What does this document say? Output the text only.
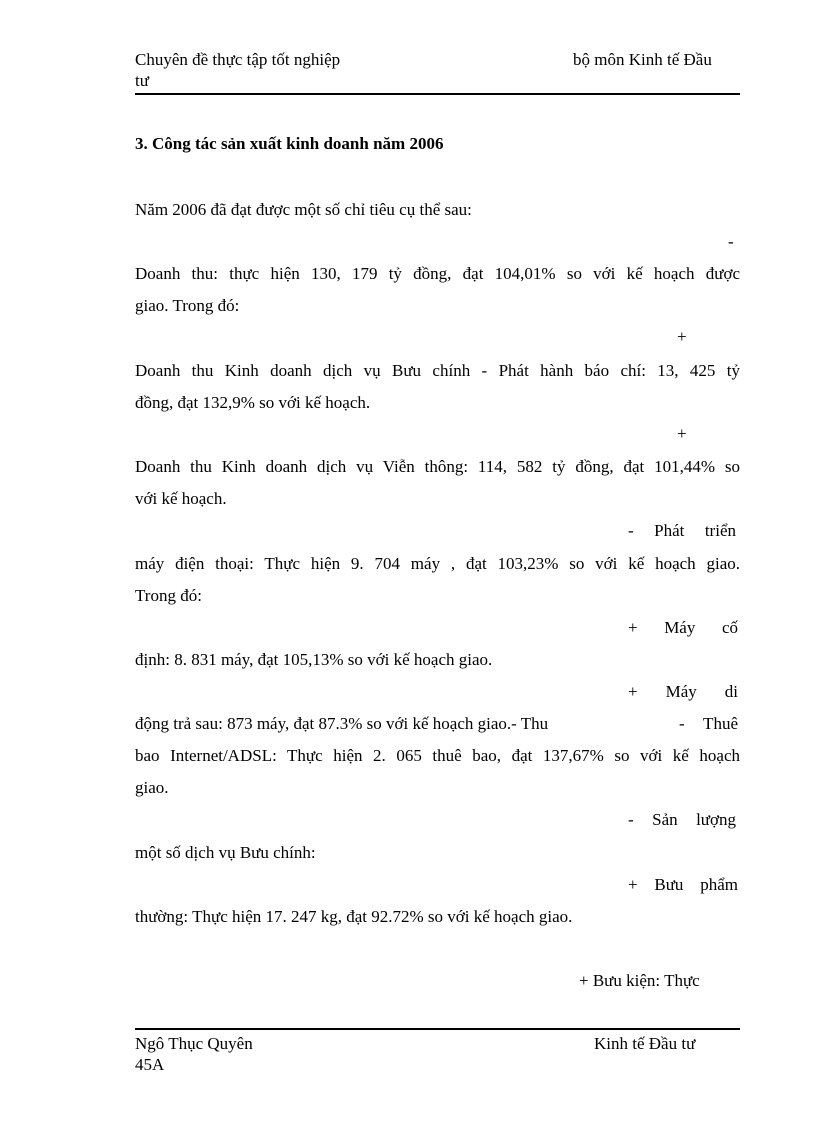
Chuyên đề thực tập tốt nghiệp
tư
bộ môn Kinh tế Đầu
3. Công tác sản xuất kinh doanh năm 2006
Năm 2006 đã đạt được một số chỉ tiêu cụ thể sau:
-
Doanh thu: thực hiện 130, 179 tỷ đồng, đạt 104,01% so với kế hoạch được
giao. Trong đó:
+
Doanh thu Kinh doanh dịch vụ Bưu chính - Phát hành báo chí: 13, 425 tỷ
đồng, đạt 132,9% so với kế hoạch.
+
Doanh thu Kinh doanh dịch vụ Viễn thông: 114, 582 tỷ đồng, đạt 101,44% so
với kế hoạch.
- Phát triển
máy điện thoại: Thực hiện 9. 704 máy , đạt 103,23% so với kế hoạch giao.
Trong đó:
+ Máy cố
định: 8. 831 máy, đạt 105,13% so với kế hoạch giao.
+ Máy di
động trả sau: 873 máy, đạt 87.3% so với kế hoạch giao.- Thu	- Thuê
bao Internet/ADSL: Thực hiện 2. 065 thuê bao, đạt 137,67% so với kế hoạch
giao.
- Sản lượng
một số dịch vụ Bưu chính:
+ Bưu phẩm
thường: Thực hiện 17. 247 kg, đạt 92.72% so với kế hoạch giao.
+ Bưu kiện: Thực
Ngô Thục Quyên
45A
Kinh tế Đầu tư
